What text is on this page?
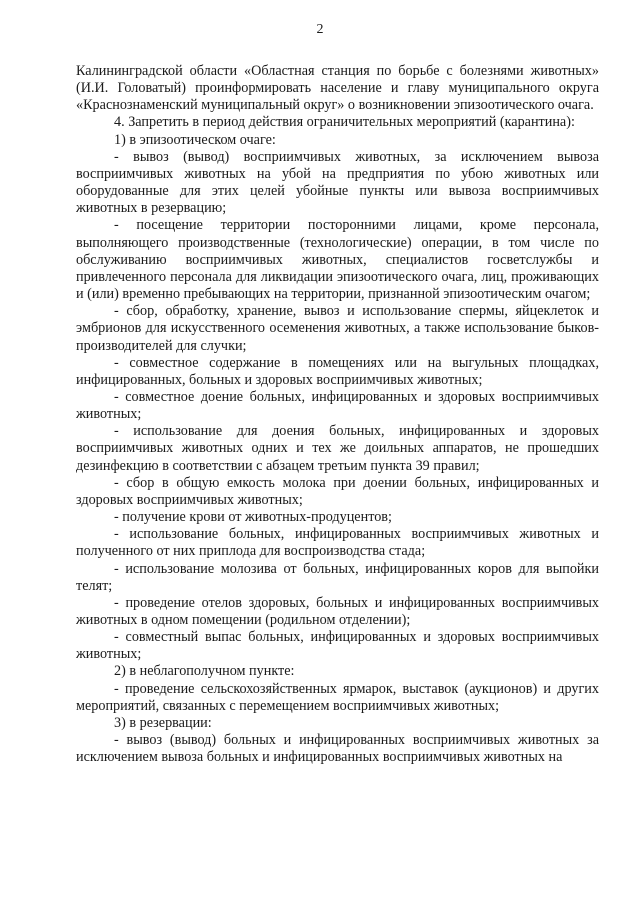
2

Калининградской области «Областная станция по борьбе с болезнями животных» (И.И. Головатый) проинформировать население и главу муниципального округа «Краснознаменский муниципальный округ» о возникновении эпизоотического очага.

4. Запретить в период действия ограничительных мероприятий (карантина):

1) в эпизоотическом очаге:

- вывоз (вывод) восприимчивых животных, за исключением вывоза восприимчивых животных на убой на предприятия по убою животных или оборудованные для этих целей убойные пункты или вывоза восприимчивых животных в резервацию;

- посещение территории посторонними лицами, кроме персонала, выполняющего производственные (технологические) операции, в том числе по обслуживанию восприимчивых животных, специалистов госветслужбы и привлеченного персонала для ликвидации эпизоотического очага, лиц, проживающих и (или) временно пребывающих на территории, признанной эпизоотическим очагом;

- сбор, обработку, хранение, вывоз и использование спермы, яйцеклеток и эмбрионов для искусственного осеменения животных, а также использование быков-производителей для случки;

- совместное содержание в помещениях или на выгульных площадках, инфицированных, больных и здоровых восприимчивых животных;

- совместное доение больных, инфицированных и здоровых восприимчивых животных;

- использование для доения больных, инфицированных и здоровых восприимчивых животных одних и тех же доильных аппаратов, не прошедших дезинфекцию в соответствии с абзацем третьим пункта 39 правил;

- сбор в общую емкость молока при доении больных, инфицированных и здоровых восприимчивых животных;

- получение крови от животных-продуцентов;

- использование больных, инфицированных восприимчивых животных и полученного от них приплода для воспроизводства стада;

- использование молозива от больных, инфицированных коров для выпойки телят;

- проведение отелов здоровых, больных и инфицированных восприимчивых животных в одном помещении (родильном отделении);

- совместный выпас больных, инфицированных и здоровых восприимчивых животных;

2) в неблагополучном пункте:

- проведение сельскохозяйственных ярмарок, выставок (аукционов) и других мероприятий, связанных с перемещением восприимчивых животных;

3) в резервации:

- вывоз (вывод) больных и инфицированных восприимчивых животных за исключением вывоза больных и инфицированных восприимчивых животных на
